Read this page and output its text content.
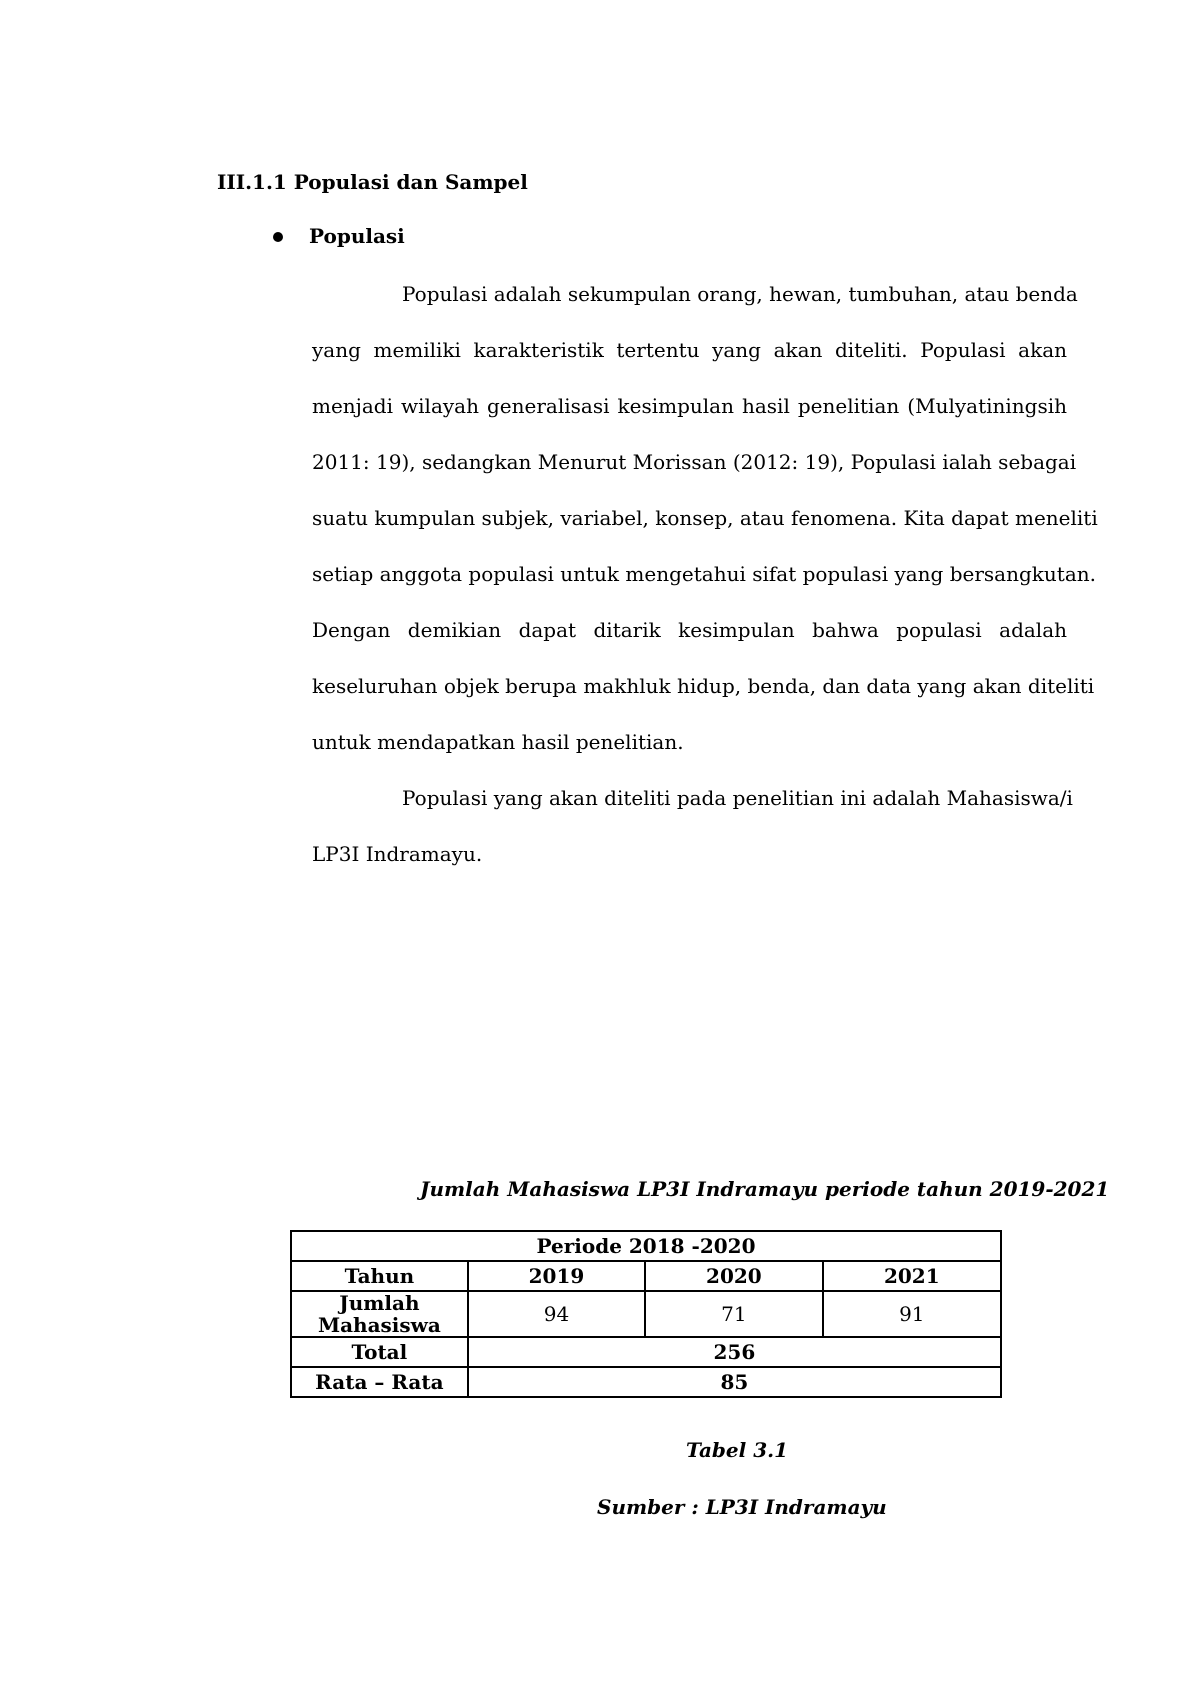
III.1.1 Populasi dan Sampel
Populasi
Populasi adalah sekumpulan orang, hewan, tumbuhan, atau benda
yang memiliki karakteristik tertentu yang akan diteliti. Populasi akan
menjadi wilayah generalisasi kesimpulan hasil penelitian (Mulyatiningsih
2011: 19), sedangkan Menurut Morissan (2012: 19), Populasi ialah sebagai
suatu kumpulan subjek, variabel, konsep, atau fenomena. Kita dapat meneliti
setiap anggota populasi untuk mengetahui sifat populasi yang bersangkutan.
Dengan demikian dapat ditarik kesimpulan bahwa populasi adalah
keseluruhan objek berupa makhluk hidup, benda, dan data yang akan diteliti
untuk mendapatkan hasil penelitian.
Populasi yang akan diteliti pada penelitian ini adalah Mahasiswa/i
LP3I Indramayu.
Jumlah Mahasiswa LP3I Indramayu periode tahun 2019-2021
Periode 2018 -2020			
Tahun	2019	2020	2021
Jumlah Mahasiswa	94	71	91
Total	256		
Rata – Rata	85		
Tabel 3.1
Sumber : LP3I Indramayu
